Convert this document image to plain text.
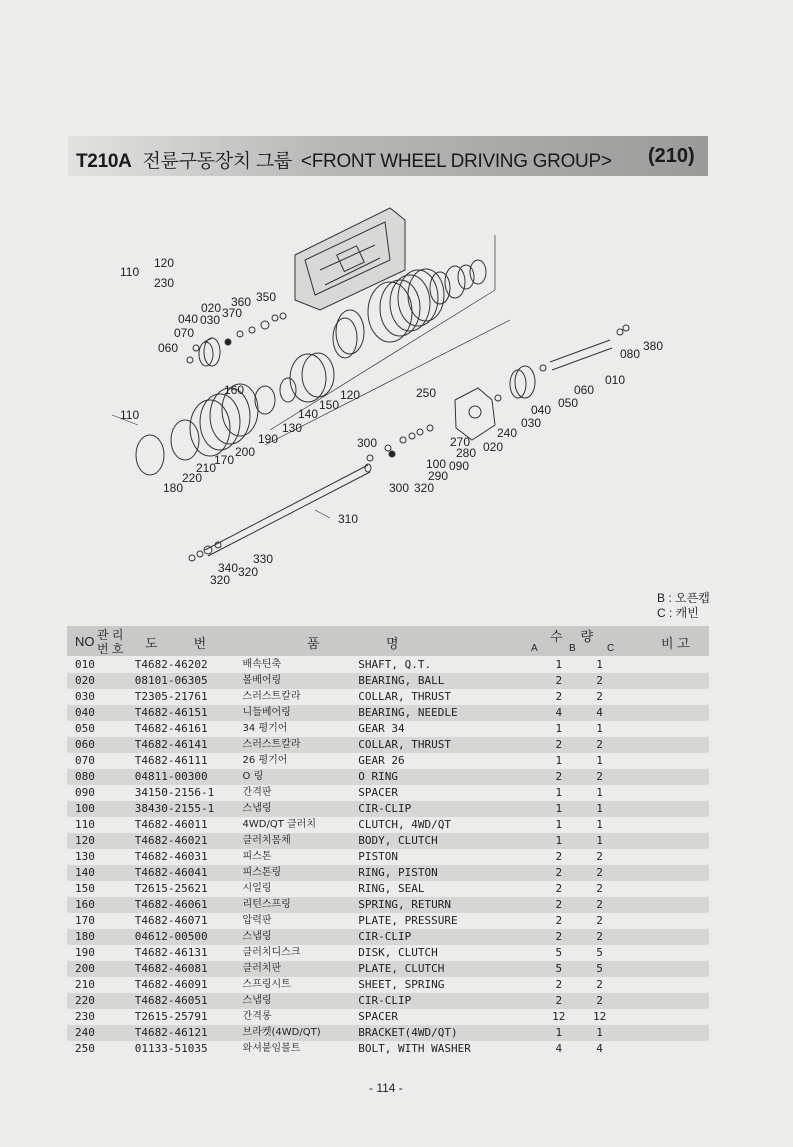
T210A 전륜구동장치 그룹 <FRONT WHEEL DRIVING GROUP> (210)
110
120
230
020 360 350
040 030 370
070
060	380
080
010
060
160	120
150
140
130
110
190
200
170
210
220
180
250
040 050
030
240
300	270 020
280
100 090
290
300 320
310
330
340 320
320
B : 오픈캡
C : 캐빈
NO 관 리
번 호 도          번	품	명	수     량
A	B	C	비 고
010	T4682-46202	배속틴축	SHAFT, Q.T.	1	1	
020	08101-06305	볼베어링	BEARING, BALL	2	2	
030	T2305-21761	스러스트칼라	COLLAR, THRUST	2	2	
040	T4682-46151	니들베어링	BEARING, NEEDLE	4	4	
050	T4682-46161	34 평기어	GEAR 34	1	1	
060	T4682-46141	스러스트칼라	COLLAR, THRUST	2	2	
070	T4682-46111	26 평기어	GEAR 26	1	1	
080	04811-00300	O 링	O RING	2	2	
090	34150-2156-1	간격판	SPACER	1	1	
100	38430-2155-1	스냅링	CIR-CLIP	1	1	
110	T4682-46011	4WD/QT 클러치	CLUTCH, 4WD/QT	1	1	
120	T4682-46021	클러치몸체	BODY, CLUTCH	1	1	
130	T4682-46031	피스톤	PISTON	2	2	
140	T4682-46041	피스톤링	RING, PISTON	2	2	
150	T2615-25621	시일링	RING, SEAL	2	2	
160	T4682-46061	리턴스프링	SPRING, RETURN	2	2	
170	T4682-46071	압력판	PLATE, PRESSURE	2	2	
180	04612-00500	스냅링	CIR-CLIP	2	2	
190	T4682-46131	클러치디스크	DISK, CLUTCH	5	5	
200	T4682-46081	클러치판	PLATE, CLUTCH	5	5	
210	T4682-46091	스프링시트	SHEET, SPRING	2	2	
220	T4682-46051	스냅링	CIR-CLIP	2	2	
230	T2615-25791	간격롱	SPACER	12	12	
240	T4682-46121	브라켓(4WD/QT)	BRACKET(4WD/QT)	1	1	
250	01133-51035	와셔붙임볼트	BOLT, WITH WASHER	4	4	
- 114 -
